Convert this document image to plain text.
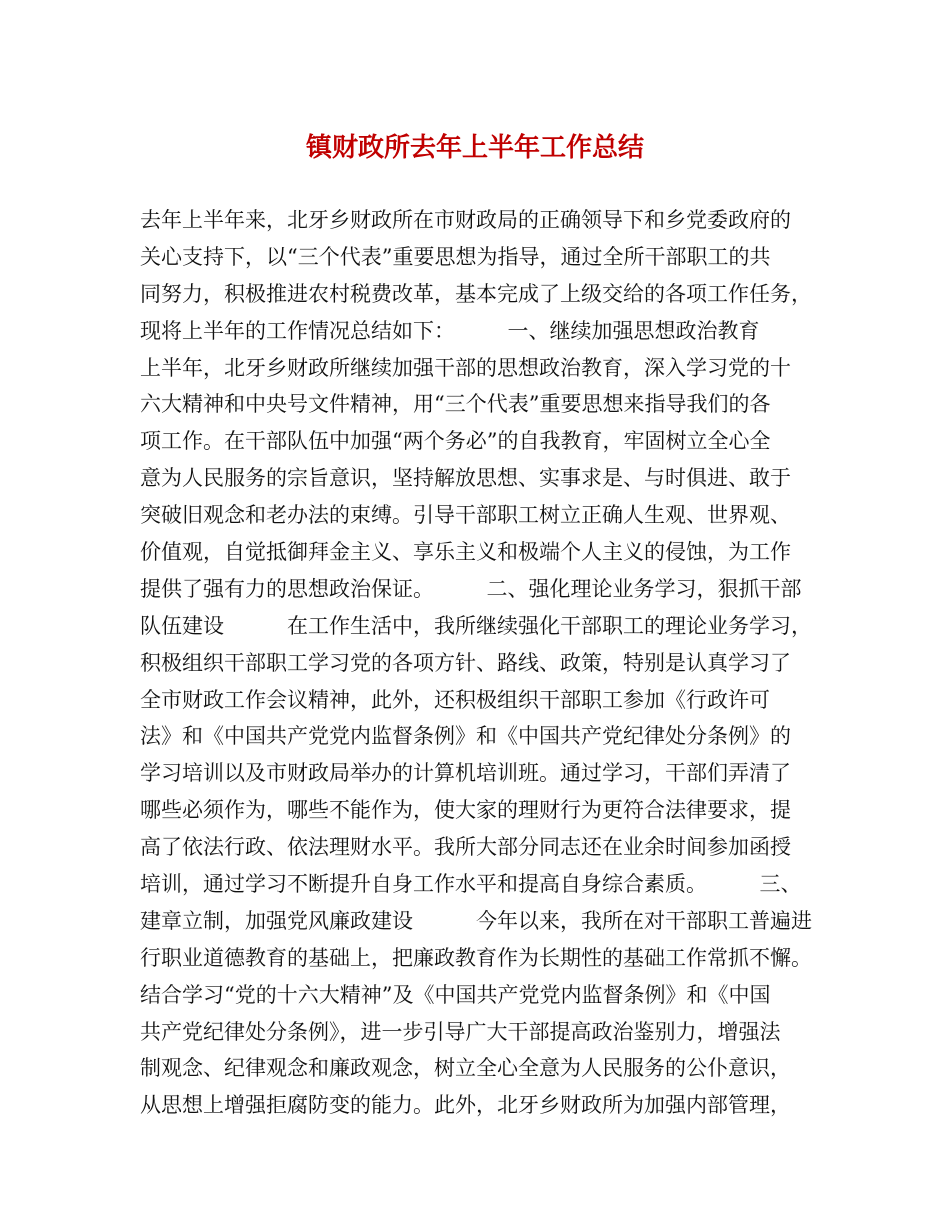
镇财政所去年上半年工作总结
去年上半年来，北牙乡财政所在市财政局的正确领导下和乡党委政府的
关心支持下，以“三个代表”重要思想为指导，通过全所干部职工的共
同努力，积极推进农村税费改革，基本完成了上级交给的各项工作任务，
现将上半年的工作情况总结如下：　　　一、继续加强思想政治教育
上半年，北牙乡财政所继续加强干部的思想政治教育，深入学习党的十
六大精神和中央号文件精神，用“三个代表”重要思想来指导我们的各
项工作。在干部队伍中加强“两个务必”的自我教育，牢固树立全心全
意为人民服务的宗旨意识，坚持解放思想、实事求是、与时俱进、敢于
突破旧观念和老办法的束缚。引导干部职工树立正确人生观、世界观、
价值观，自觉抵御拜金主义、享乐主义和极端个人主义的侵蚀，为工作
提供了强有力的思想政治保证。　　　二、强化理论业务学习，狠抓干部
队伍建设　　　在工作生活中，我所继续强化干部职工的理论业务学习，
积极组织干部职工学习党的各项方针、路线、政策，特别是认真学习了
全市财政工作会议精神，此外，还积极组织干部职工参加《行政许可
法》和《中国共产党党内监督条例》和《中国共产党纪律处分条例》的
学习培训以及市财政局举办的计算机培训班。通过学习，干部们弄清了
哪些必须作为，哪些不能作为，使大家的理财行为更符合法律要求，提
高了依法行政、依法理财水平。我所大部分同志还在业余时间参加函授
培训，通过学习不断提升自身工作水平和提高自身综合素质。　　　三、
建章立制，加强党风廉政建设　　　今年以来，我所在对干部职工普遍进
行职业道德教育的基础上，把廉政教育作为长期性的基础工作常抓不懈。
结合学习“党的十六大精神”及《中国共产党党内监督条例》和《中国
共产党纪律处分条例》，进一步引导广大干部提高政治鉴别力，增强法
制观念、纪律观念和廉政观念，树立全心全意为人民服务的公仆意识，
从思想上增强拒腐防变的能力。此外，北牙乡财政所为加强内部管理，
